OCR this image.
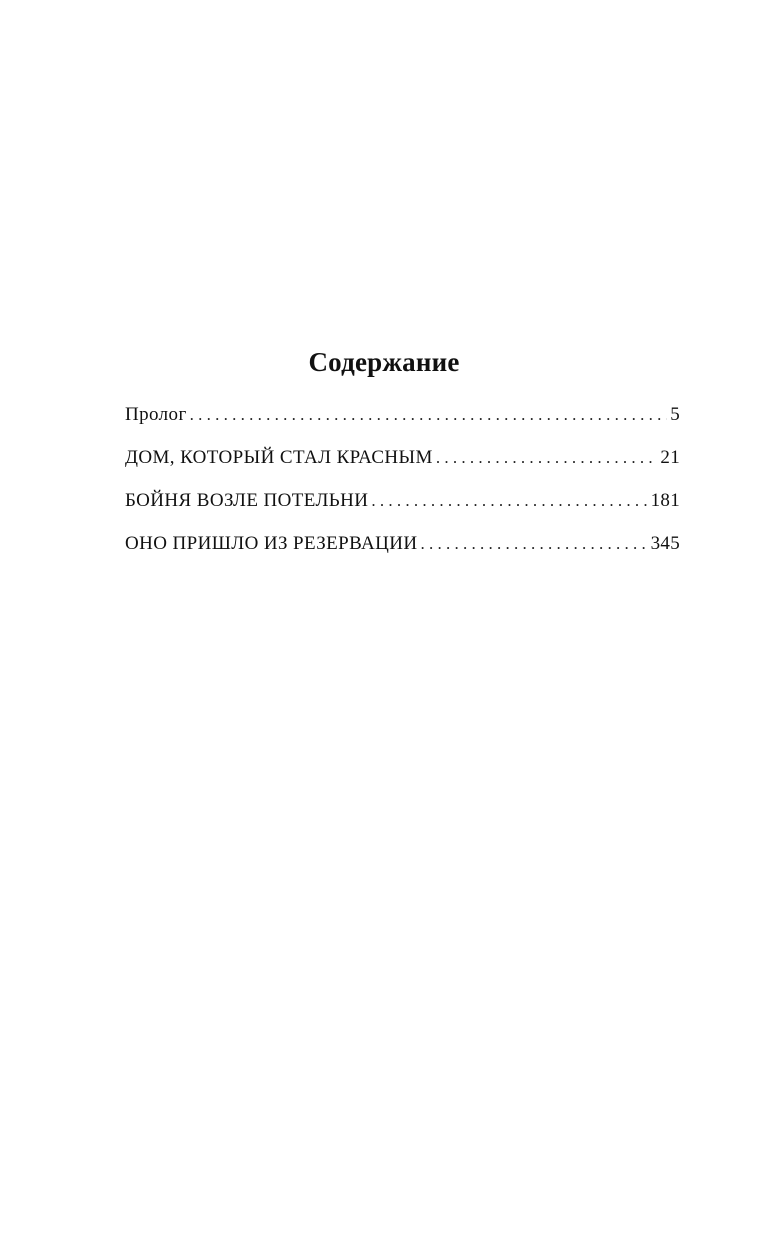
Содержание
Пролог . . .	5
ДОМ, КОТОРЫЙ СТАЛ КРАСНЫМ . . .	21
БОЙНЯ ВОЗЛЕ ПОТЕЛЬНИ . . .	181
ОНО ПРИШЛО ИЗ РЕЗЕРВАЦИИ . . .	345
